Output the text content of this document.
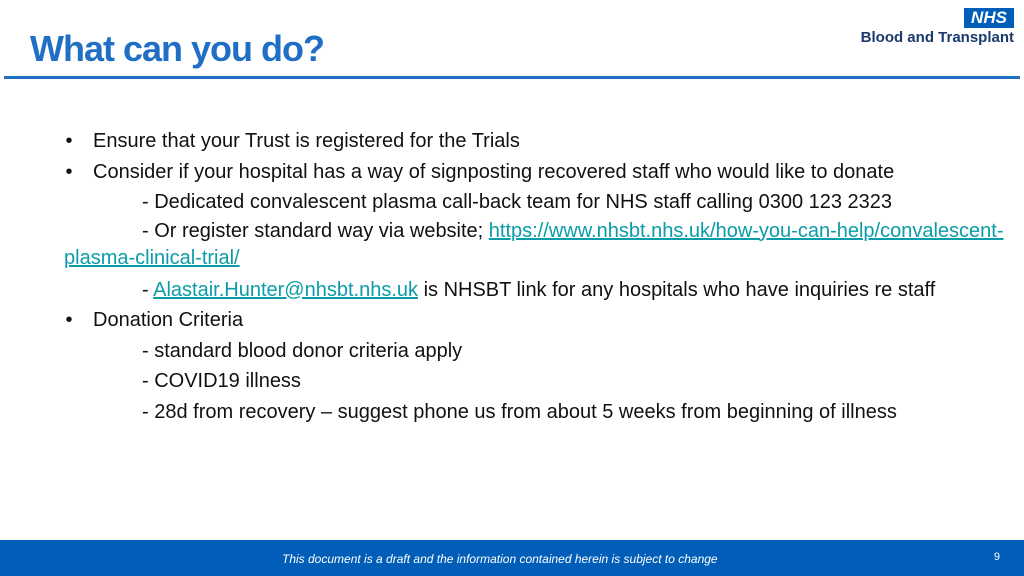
What can you do?
NHS
Blood and Transplant
• Ensure that your Trust is registered for the Trials
• Consider if your hospital has a way of signposting recovered staff who would like to donate
- Dedicated convalescent plasma call-back team for NHS staff calling 0300 123 2323
- Or register standard way via website; https://www.nhsbt.nhs.uk/how-you-can-help/convalescent-plasma-clinical-trial/
- Alastair.Hunter@nhsbt.nhs.uk is NHSBT link for any hospitals who have inquiries re staff
• Donation Criteria
- standard blood donor criteria apply
- COVID19 illness
- 28d from recovery – suggest phone us from about 5 weeks from beginning of illness
This document is a draft and the information contained herein is subject to change	9
